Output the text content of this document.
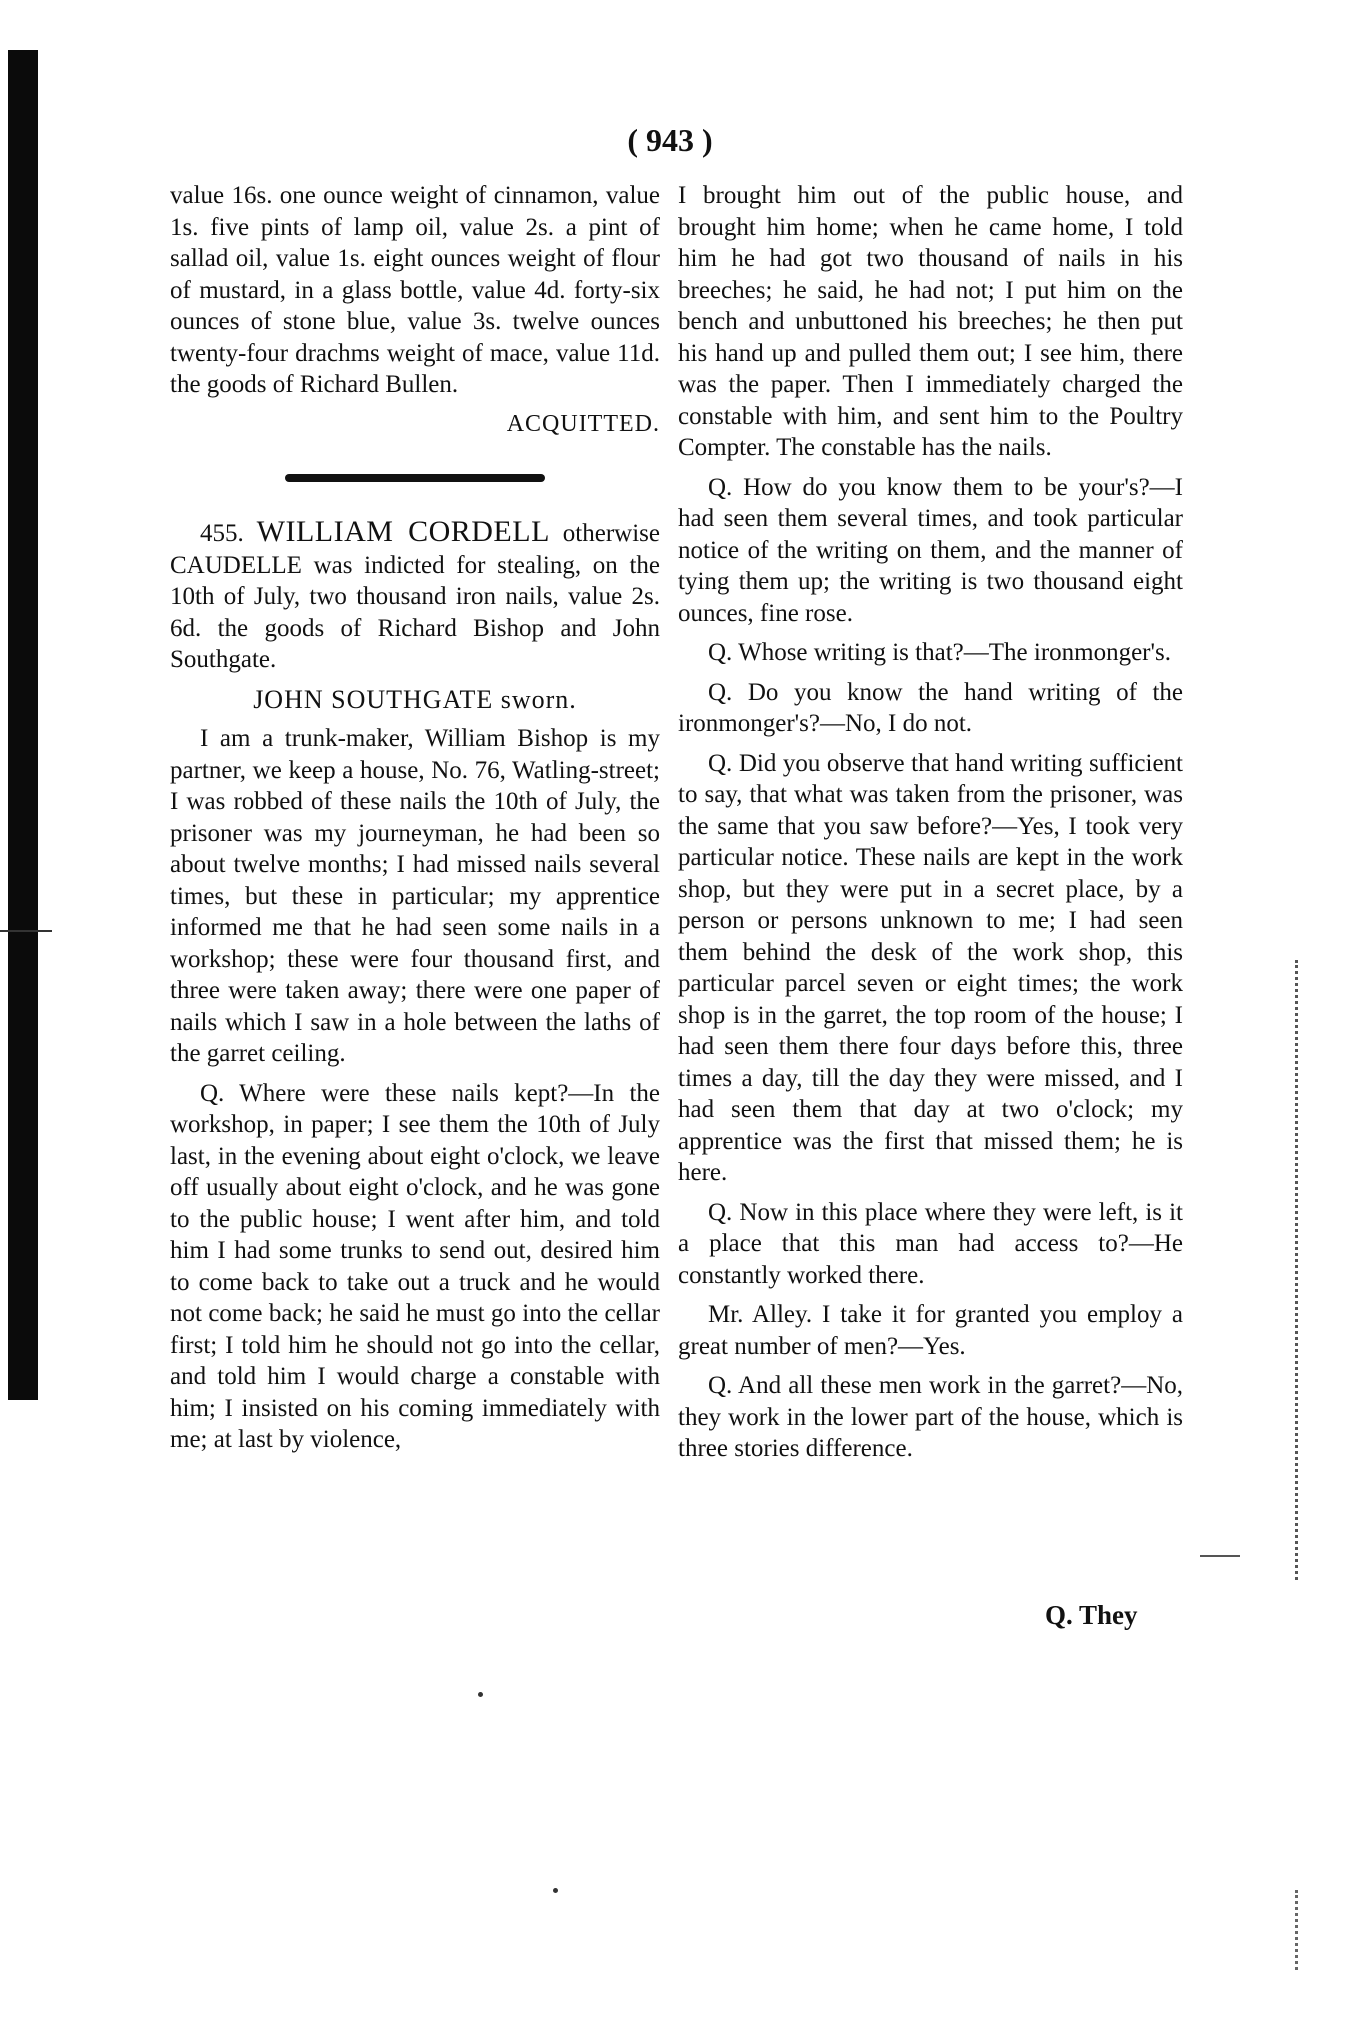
( 943 )

value 16s. one ounce weight of cinnamon, value 1s. five pints of lamp oil, value 2s. a pint of sallad oil, value 1s. eight ounces weight of flour of mustard, in a glass bottle, value 4d. forty-six ounces of stone blue, value 3s. twelve ounces twenty-four drachms weight of mace, value 11d. the goods of Richard Bullen.

ACQUITTED.

455. WILLIAM CORDELL otherwise CAUDELLE was indicted for stealing, on the 10th of July, two thousand iron nails, value 2s. 6d. the goods of Richard Bishop and John Southgate.

JOHN SOUTHGATE sworn.

I am a trunk-maker, William Bishop is my partner, we keep a house, No. 76, Watling-street; I was robbed of these nails the 10th of July, the prisoner was my journeyman, he had been so about twelve months; I had missed nails several times, but these in particular; my apprentice informed me that he had seen some nails in a workshop; these were four thousand first, and three were taken away; there were one paper of nails which I saw in a hole between the laths of the garret ceiling.

Q. Where were these nails kept?—In the workshop, in paper; I see them the 10th of July last, in the evening about eight o'clock, we leave off usually about eight o'clock, and he was gone to the public house; I went after him, and told him I had some trunks to send out, desired him to come back to take out a truck and he would not come back; he said he must go into the cellar first; I told him he should not go into the cellar, and told him I would charge a constable with him; I insisted on his coming immediately with me; at last by violence,

I brought him out of the public house, and brought him home; when he came home, I told him he had got two thousand of nails in his breeches; he said, he had not; I put him on the bench and unbuttoned his breeches; he then put his hand up and pulled them out; I see him, there was the paper. Then I immediately charged the constable with him, and sent him to the Poultry Compter. The constable has the nails.

Q. How do you know them to be your's?—I had seen them several times, and took particular notice of the writing on them, and the manner of tying them up; the writing is two thousand eight ounces, fine rose.

Q. Whose writing is that?—The ironmonger's.

Q. Do you know the hand writing of the ironmonger's?—No, I do not.

Q. Did you observe that hand writing sufficient to say, that what was taken from the prisoner, was the same that you saw before?—Yes, I took very particular notice. These nails are kept in the work shop, but they were put in a secret place, by a person or persons unknown to me; I had seen them behind the desk of the work shop, this particular parcel seven or eight times; the work shop is in the garret, the top room of the house; I had seen them there four days before this, three times a day, till the day they were missed, and I had seen them that day at two o'clock; my apprentice was the first that missed them; he is here.

Q. Now in this place where they were left, is it a place that this man had access to?—He constantly worked there.

Mr. Alley. I take it for granted you employ a great number of men?—Yes.

Q. And all these men work in the garret?—No, they work in the lower part of the house, which is three stories difference.

Q. They
